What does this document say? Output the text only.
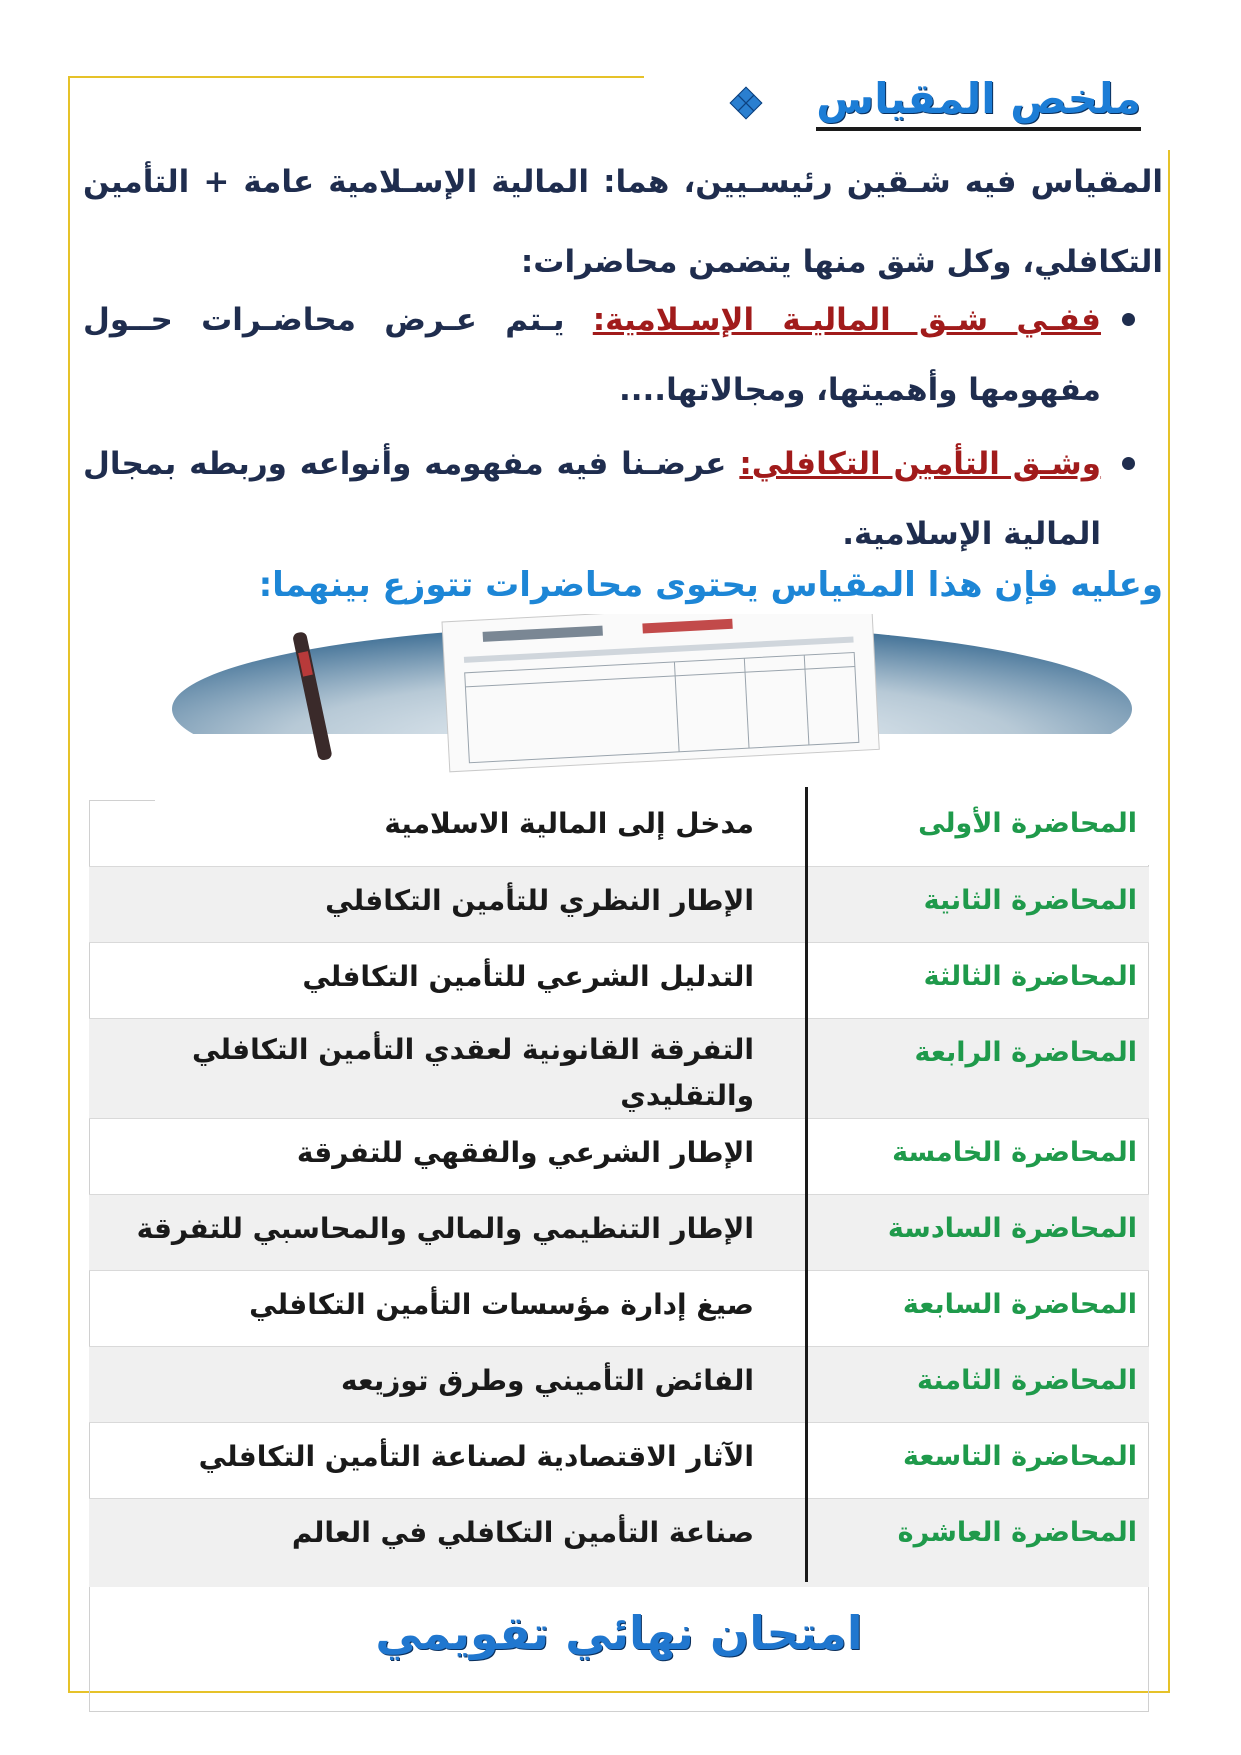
ملخص المقياس
المقياس فيه شـقين رئيسـيين، هما: المالية الإسـلامية عامة + التأمين التكافلي، وكل شق منها يتضمن محاضرات:
ففـي شـق الماليـة الإسـلامية: يـتم عـرض محاضـرات حــول مفهومها وأهميتها، ومجالاتها....
وشـق التأمين التكافلي: عرضـنا فيه مفهومه وأنواعه وربطه بمجال المالية الإسلامية.
وعليه فإن هذا المقياس يحتوى محاضرات تتوزع بينهما:
المحاضرة الأولى
مدخل إلى المالية الاسلامية
المحاضرة الثانية
الإطار النظري للتأمين التكافلي
المحاضرة الثالثة
التدليل الشرعي للتأمين التكافلي
المحاضرة الرابعة
التفرقة القانونية لعقدي التأمين التكافلي والتقليدي
المحاضرة الخامسة
الإطار الشرعي والفقهي للتفرقة
المحاضرة السادسة
الإطار التنظيمي والمالي والمحاسبي للتفرقة
المحاضرة السابعة
صيغ إدارة مؤسسات التأمين التكافلي
المحاضرة الثامنة
الفائض التأميني وطرق توزيعه
المحاضرة التاسعة
الآثار الاقتصادية لصناعة التأمين التكافلي
المحاضرة العاشرة
صناعة التأمين التكافلي في العالم
امتحان نهائي تقويمي
